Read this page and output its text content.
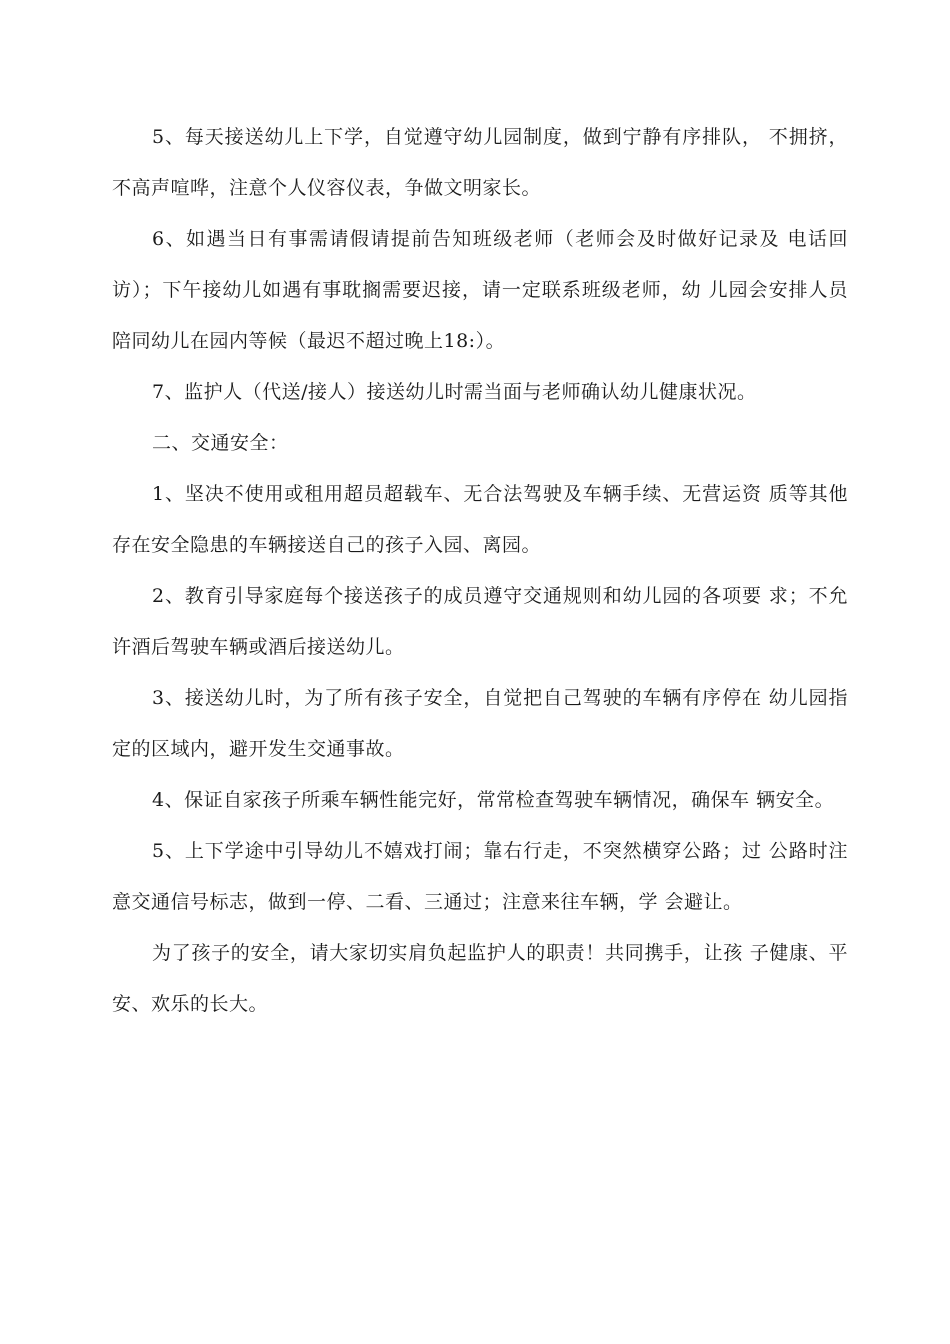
5、每天接送幼儿上下学，自觉遵守幼儿园制度，做到宁静有序排队， 不拥挤，不高声喧哗，注意个人仪容仪表，争做文明家长。

6、如遇当日有事需请假请提前告知班级老师（老师会及时做好记录及 电话回访）；下午接幼儿如遇有事耽搁需要迟接，请一定联系班级老师，幼 儿园会安排人员陪同幼儿在园内等候（最迟不超过晚上18:）。

7、监护人（代送/接人）接送幼儿时需当面与老师确认幼儿健康状况。

二、交通安全：

1、坚决不使用或租用超员超载车、无合法驾驶及车辆手续、无营运资 质等其他存在安全隐患的车辆接送自己的孩子入园、离园。

2、教育引导家庭每个接送孩子的成员遵守交通规则和幼儿园的各项要 求；不允许酒后驾驶车辆或酒后接送幼儿。

3、接送幼儿时，为了所有孩子安全，自觉把自己驾驶的车辆有序停在 幼儿园指定的区域内，避开发生交通事故。

4、保证自家孩子所乘车辆性能完好，常常检查驾驶车辆情况，确保车 辆安全。

5、上下学途中引导幼儿不嬉戏打闹；靠右行走，不突然横穿公路；过 公路时注意交通信号标志，做到一停、二看、三通过；注意来往车辆，学 会避让。

为了孩子的安全，请大家切实肩负起监护人的职责！共同携手，让孩 子健康、平安、欢乐的长大。
